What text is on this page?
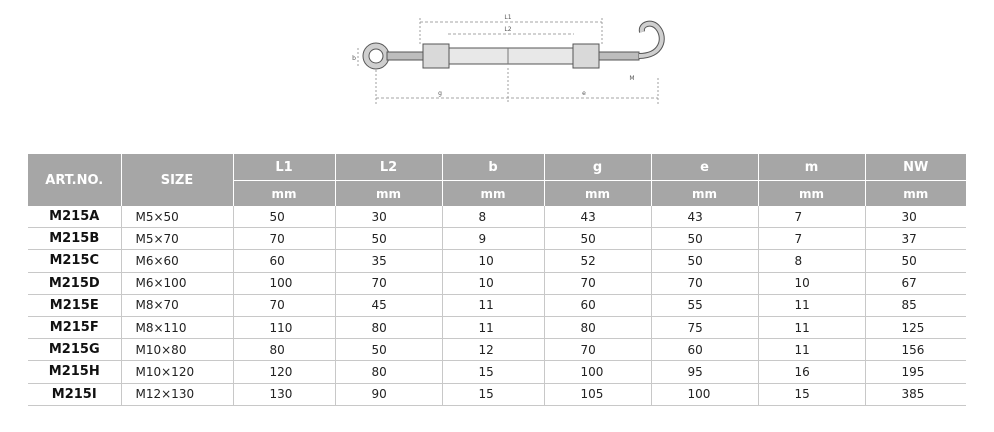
L1
L2
g	e
b
M
ART.NO.	SIZE	L1	L2	b	g	e	m	NW
		mm	mm	mm	mm	mm	mm	mm
M215A	M5×50	50	30	8	43	43	7	30
M215B	M5×70	70	50	9	50	50	7	37
M215C	M6×60	60	35	10	52	50	8	50
M215D	M6×100	100	70	10	70	70	10	67
M215E	M8×70	70	45	11	60	55	11	85
M215F	M8×110	110	80	11	80	75	11	125
M215G	M10×80	80	50	12	70	60	11	156
M215H	M10×120	120	80	15	100	95	16	195
M215I	M12×130	130	90	15	105	100	15	385
